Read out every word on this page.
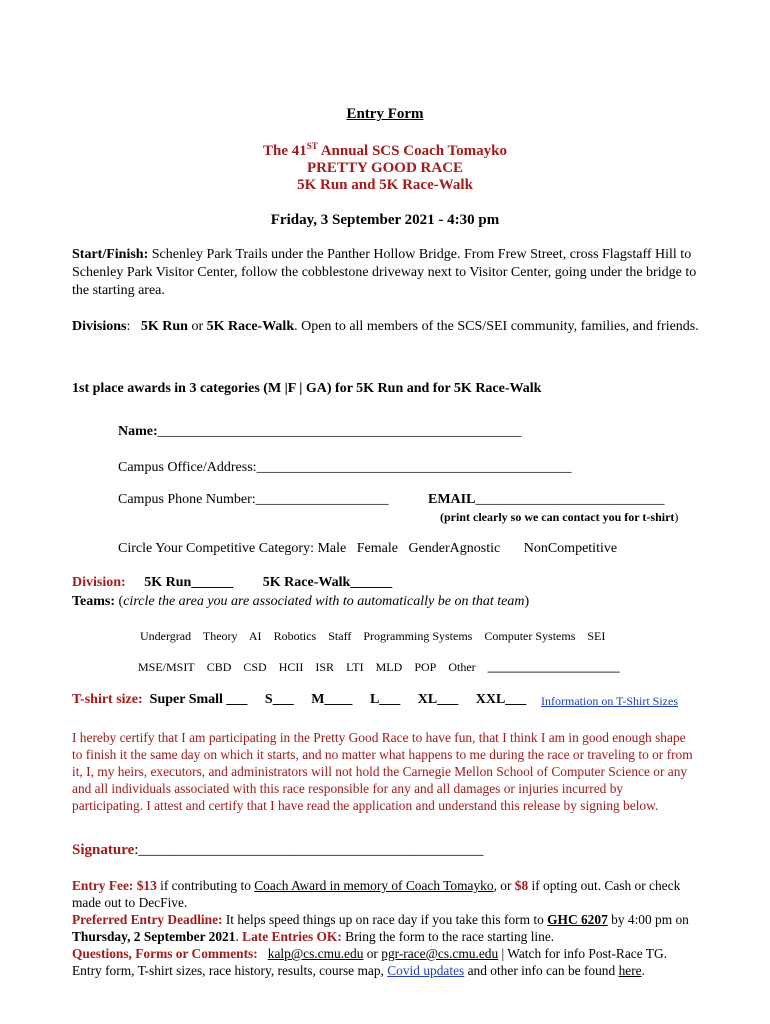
Entry Form
The 41ST Annual SCS Coach Tomayko
PRETTY GOOD RACE
5K Run and 5K Race-Walk
Friday, 3 September 2021 - 4:30 pm
Start/Finish: Schenley Park Trails under the Panther Hollow Bridge. From Frew Street, cross Flagstaff Hill to Schenley Park Visitor Center, follow the cobblestone driveway next to Visitor Center, going under the bridge to the starting area.
Divisions: 5K Run or 5K Race-Walk. Open to all members of the SCS/SEI community, families, and friends.
1st place awards in 3 categories (M |F | GA) for 5K Run and for 5K Race-Walk
Name:____________________________________________________
Campus Office/Address:_____________________________________________
Campus Phone Number:___________________	EMAIL___________________________
(print clearly so we can contact you for t-shirt)
Circle Your Competitive Category: Male Female GenderAgnostic NonCompetitive
Division: 5K Run______ 5K Race-Walk______
Teams: (circle the area you are associated with to automatically be on that team)
Undergrad Theory AI Robotics Staff Programming Systems Computer Systems SEI
MSE/MSIT CBD CSD HCII ISR LTI MLD POP Other ______________________
T-shirt size: Super Small ___ S___ M____ L___ XL___ XXL___ Information on T-Shirt Sizes
I hereby certify that I am participating in the Pretty Good Race to have fun, that I think I am in good enough shape to finish it the same day on which it starts, and no matter what happens to me during the race or traveling to or from it, I, my heirs, executors, and administrators will not hold the Carnegie Mellon School of Computer Science or any and all individuals associated with this race responsible for any and all damages or injuries incurred by participating. I attest and certify that I have read the application and understand this release by signing below.
Signature:______________________________________________
Entry Fee: $13 if contributing to Coach Award in memory of Coach Tomayko, or $8 if opting out. Cash or check made out to DecFive.
Preferred Entry Deadline: It helps speed things up on race day if you take this form to GHC 6207 by 4:00 pm on Thursday, 2 September 2021. Late Entries OK: Bring the form to the race starting line.
Questions, Forms or Comments: kalp@cs.cmu.edu or pgr-race@cs.cmu.edu | Watch for info Post-Race TG.
Entry form, T-shirt sizes, race history, results, course map, Covid updates and other info can be found here.
